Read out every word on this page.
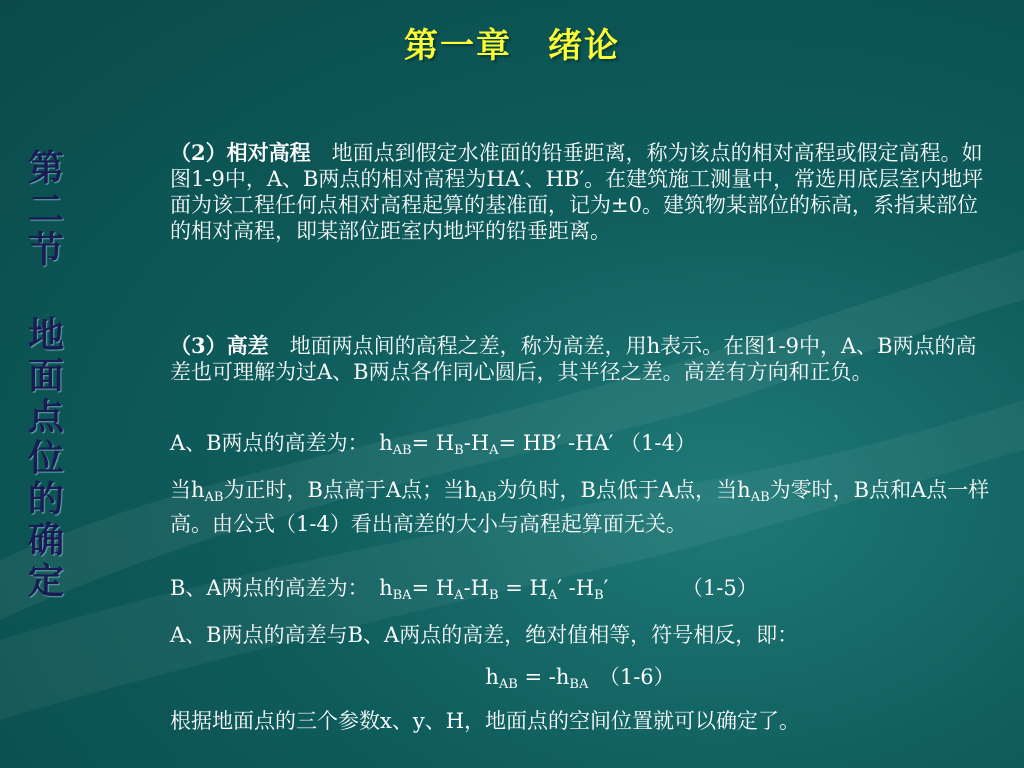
第一章　绪论
第
二
节
地
面
点
位
的
确
定

（2）相对高程　地面点到假定水准面的铅垂距离，称为该点的相对高程或假定高程。如图1-9中，A、B两点的相对高程为HA′、HB′。在建筑施工测量中，常选用底层室内地坪面为该工程任何点相对高程起算的基准面，记为±0。建筑物某部位的标高，系指某部位的相对高程，即某部位距室内地坪的铅垂距离。

（3）高差　地面两点间的高程之差，称为高差，用h表示。在图1-9中，A、B两点的高差也可理解为过A、B两点各作同心圆后，其半径之差。高差有方向和正负。

A、B两点的高差为：　$h_{AB}= H_B-H_A= HB'$ -HA′ （1-4）

当$h_{AB}$为正时，B点高于A点；当$h_{AB}$为负时，B点低于A点，当$h_{AB}$为零时，B点和A点一样高。由公式（1-4）看出高差的大小与高程起算面无关。

B、A两点的高差为：　$h_{BA}= H_A-H_B = H_A'$ $-H_B'$　　　　（1-5）
A、B两点的高差与B、A两点的高差，绝对值相等，符号相反，即：
$h_{AB} = -h_{BA}$　（1-6）
根据地面点的三个参数x、y、H，地面点的空间位置就可以确定了。
